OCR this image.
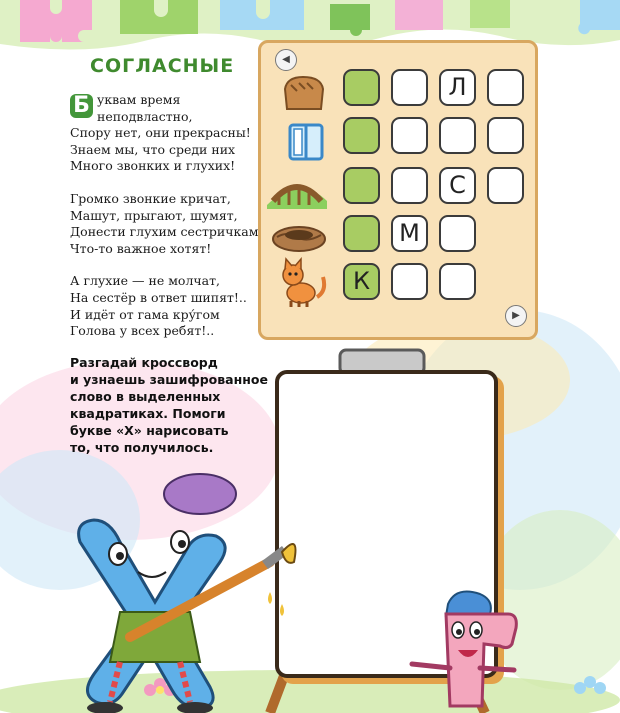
СОГЛАСНЫЕ
Б уквам время

неподвластно,

Спору нет, они прекрасны!

Знаем мы, что среди них

Много звонких и глухих!

Громко звонкие кричат,

Машут, прыгают, шумят,

Донести глухим сестричкам

Что-то важное хотят!

А глухие — не молчат,

На сестёр в ответ шипят!..

И идёт от гама кру́гом

Голова у всех ребят!..

Разгадай кроссворд
и узнаешь зашифрованное
слово в выделенных
квадратиках. Помоги
букве «Х» нарисовать
то, что получилось.
◀
▶
Л
С
М
К
